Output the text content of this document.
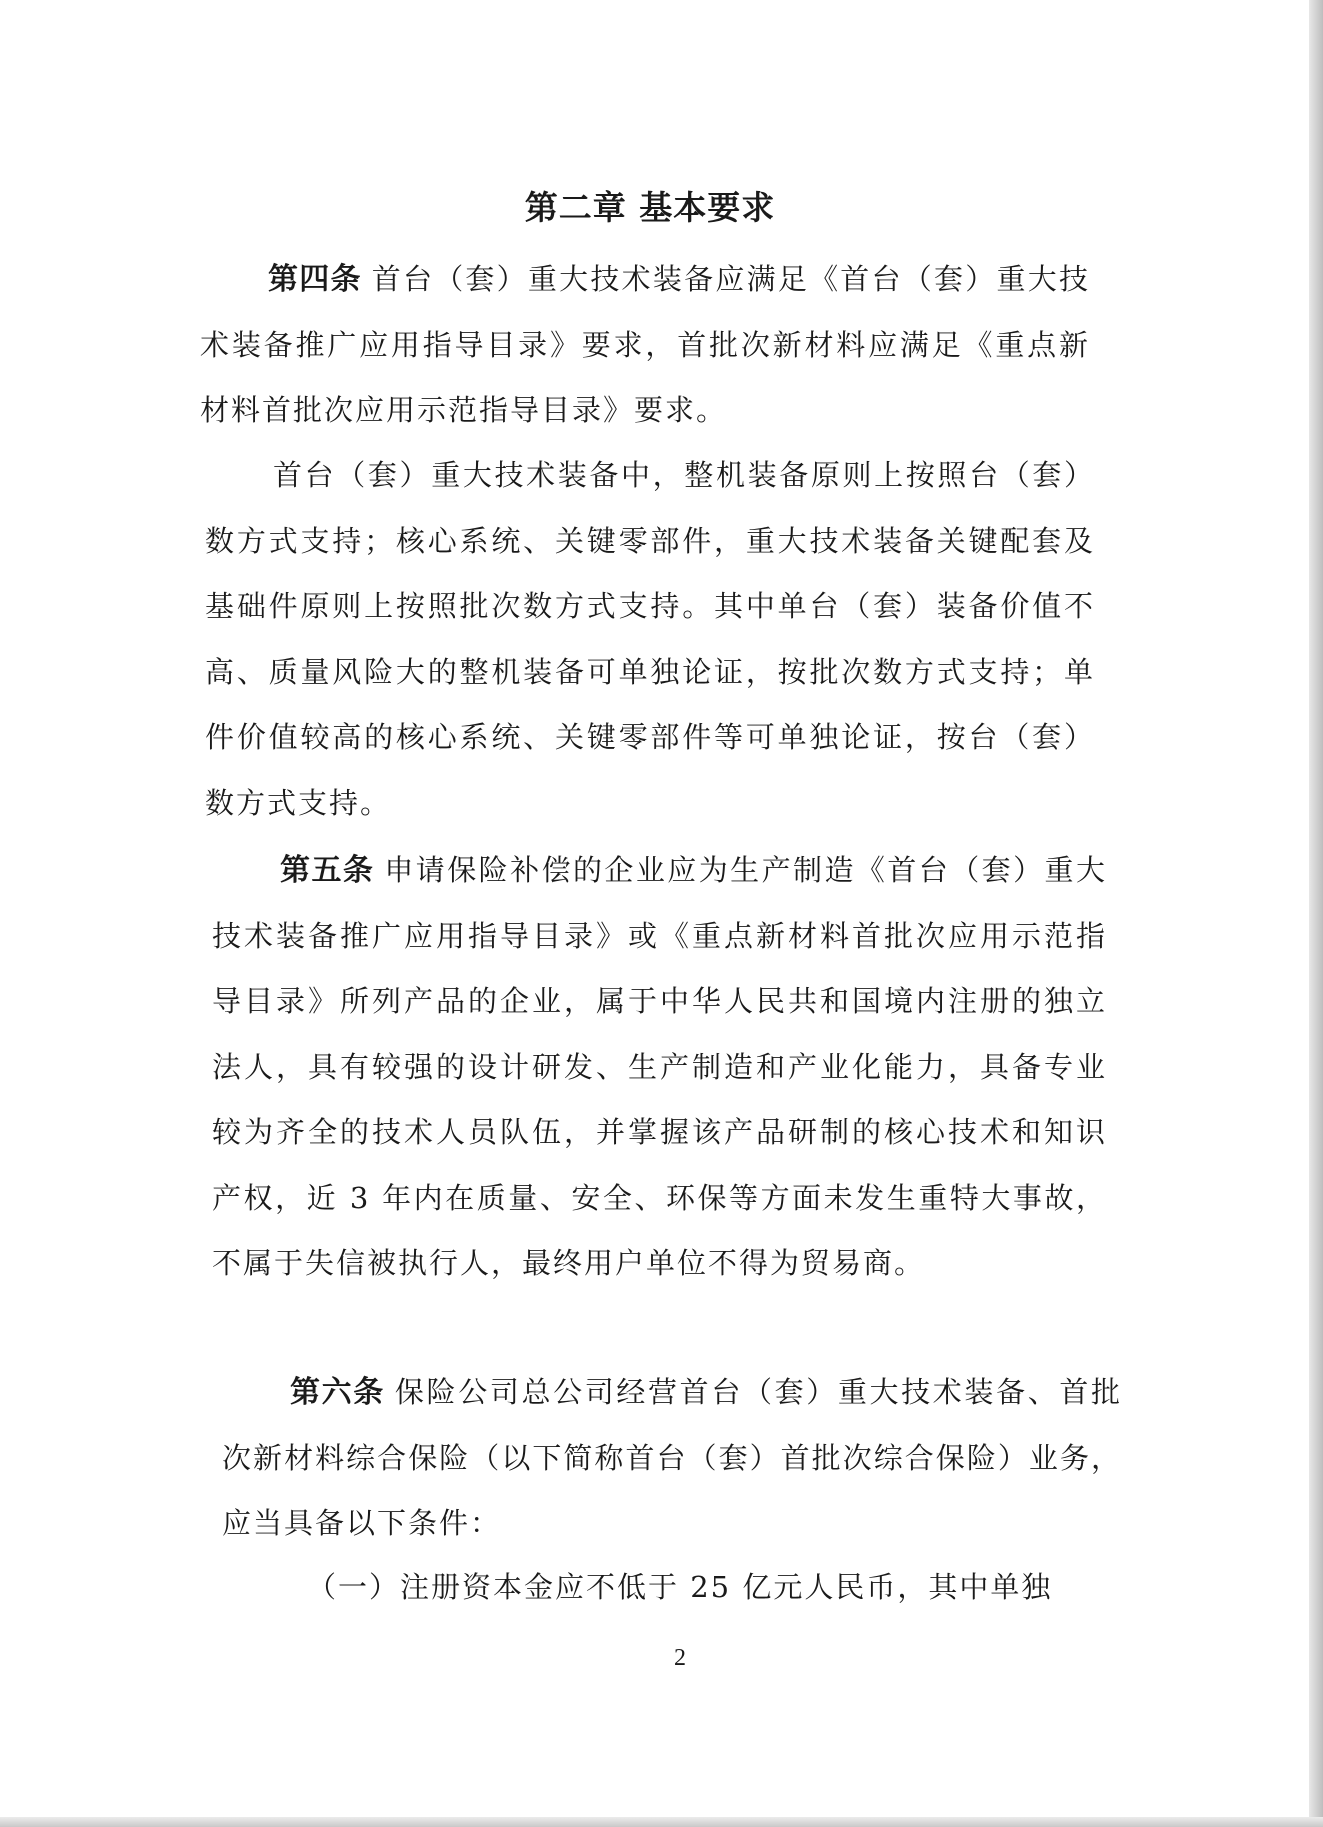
第二章 基本要求

第四条 首台（套）重大技术装备应满足《首台（套）重大技术装备推广应用指导目录》要求，首批次新材料应满足《重点新材料首批次应用示范指导目录》要求。

首台（套）重大技术装备中，整机装备原则上按照台（套）数方式支持；核心系统、关键零部件，重大技术装备关键配套及基础件原则上按照批次数方式支持。其中单台（套）装备价值不高、质量风险大的整机装备可单独论证，按批次数方式支持；单件价值较高的核心系统、关键零部件等可单独论证，按台（套）数方式支持。

第五条 申请保险补偿的企业应为生产制造《首台（套）重大技术装备推广应用指导目录》或《重点新材料首批次应用示范指导目录》所列产品的企业，属于中华人民共和国境内注册的独立法人，具有较强的设计研发、生产制造和产业化能力，具备专业较为齐全的技术人员队伍，并掌握该产品研制的核心技术和知识产权，近 3 年内在质量、安全、环保等方面未发生重特大事故，不属于失信被执行人，最终用户单位不得为贸易商。

第六条 保险公司总公司经营首台（套）重大技术装备、首批次新材料综合保险（以下简称首台（套）首批次综合保险）业务，应当具备以下条件：

（一）注册资本金应不低于 25 亿元人民币，其中单独

2
